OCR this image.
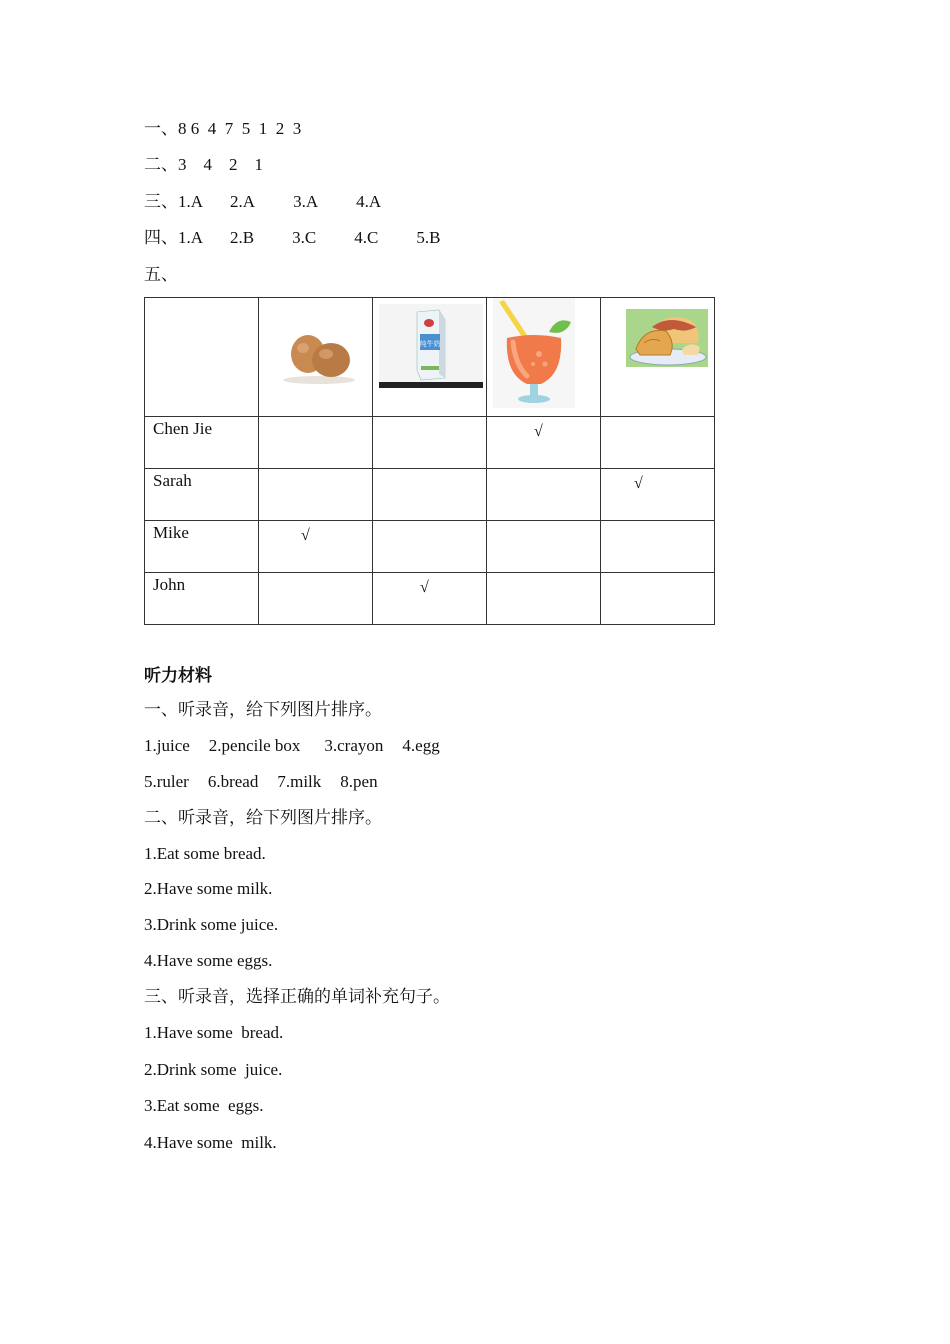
一、8 6  4  7  5  1  2  3
二、3    4    2    1
三、1.A 2.A 3.A 4.A
四、1.A 2.B 3.C 4.C 5.B
五、

纯牛奶

Chen Jie			√	

Sarah				√

Mike	√			

John		√		

听力材料
一、听录音，给下列图片排序。
1.juice 2.pencile box 3.crayon 4.egg
5.ruler 6.bread 7.milk 8.pen
二、听录音，给下列图片排序。
1.Eat some bread.
2.Have some milk.
3.Drink some juice.
4.Have some eggs.
三、听录音，选择正确的单词补充句子。
1.Have some  bread.
2.Drink some  juice.
3.Eat some  eggs.
4.Have some  milk.
